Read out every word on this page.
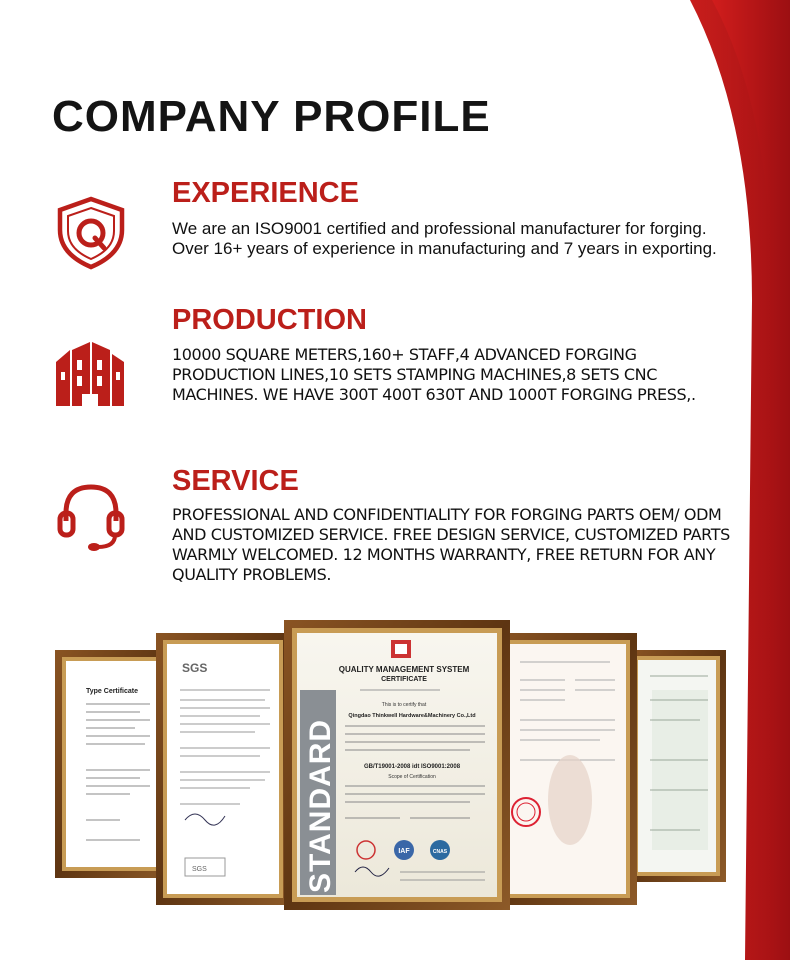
COMPANY PROFILE
EXPERIENCE
We are an ISO9001 certified and professional manufacturer for forging. Over 16+ years of experience in manufacturing and 7 years in exporting.
PRODUCTION
10000 SQUARE METERS,160+ STAFF,4 ADVANCED FORGING PRODUCTION LINES,10 SETS STAMPING MACHINES,8 SETS CNC MACHINES. WE HAVE 300T 400T 630T AND 1000T FORGING PRESS,.
SERVICE
PROFESSIONAL AND CONFIDENTIALITY FOR FORGING PARTS OEM/ ODM AND CUSTOMIZED SERVICE. FREE DESIGN SERVICE, CUSTOMIZED PARTS WARMLY WELCOMED. 12 MONTHS WARRANTY, FREE RETURN FOR ANY QUALITY PROBLEMS.
Type Certificate
SGS
SGS	STANDARD
QUALITY MANAGEMENT SYSTEM
CERTIFICATE
This is to certify that
Qingdao Thinkwell Hardware&Machinery Co.,Ltd
GB/T19001-2008 idt ISO9001:2008
Scope of Certification
IAF	CNAS
